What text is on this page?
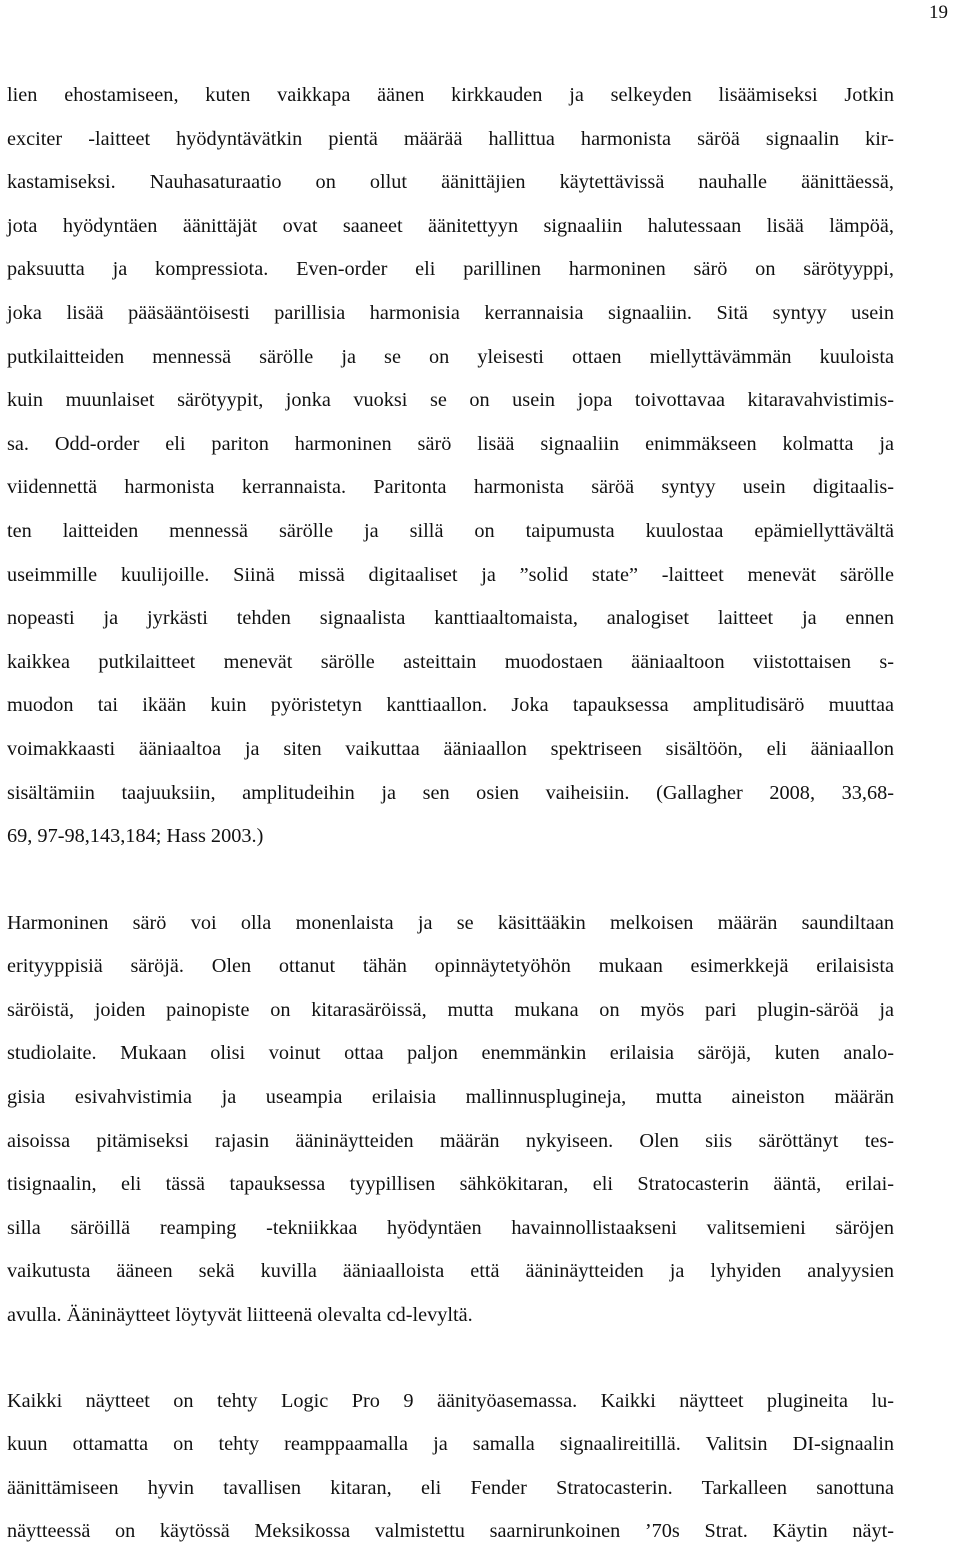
19

lien ehostamiseen, kuten vaikkapa äänen kirkkauden ja selkeyden lisäämiseksi Jotkin
exciter -laitteet hyödyntävätkin pientä määrää hallittua harmonista säröä signaalin kir-
kastamiseksi. Nauhasaturaatio on ollut äänittäjien käytettävissä nauhalle äänittäessä,
jota hyödyntäen äänittäjät ovat saaneet äänitettyyn signaaliin halutessaan lisää lämpöä,
paksuutta ja kompressiota. Even-order eli parillinen harmoninen särö on särötyyppi,
joka lisää pääsääntöisesti parillisia harmonisia kerrannaisia signaaliin. Sitä syntyy usein
putkilaitteiden mennessä särölle ja se on yleisesti ottaen miellyttävämmän kuuloista
kuin muunlaiset särötyypit, jonka vuoksi se on usein jopa toivottavaa kitaravahvistimis-
sa. Odd-order eli pariton harmoninen särö lisää signaaliin enimmäkseen kolmatta ja
viidennettä harmonista kerrannaista. Paritonta harmonista säröä syntyy usein digitaalis-
ten laitteiden mennessä särölle ja sillä on taipumusta kuulostaa epämiellyttävältä
useimmille kuulijoille. Siinä missä digitaaliset ja ”solid state” -laitteet menevät särölle
nopeasti ja jyrkästi tehden signaalista kanttiaaltomaista, analogiset laitteet ja ennen
kaikkea putkilaitteet menevät särölle asteittain muodostaen ääniaaltoon viistottaisen s-
muodon tai ikään kuin pyöristetyn kanttiaallon. Joka tapauksessa amplitudisärö muuttaa
voimakkaasti ääniaaltoa ja siten vaikuttaa ääniaallon spektriseen sisältöön, eli ääniaallon
sisältämiin taajuuksiin, amplitudeihin ja sen osien vaiheisiin. (Gallagher 2008, 33,68-
69, 97-98,143,184; Hass 2003.)

Harmoninen särö voi olla monenlaista ja se käsittääkin melkoisen määrän saundiltaan
erityyppisiä säröjä. Olen ottanut tähän opinnäytetyöhön mukaan esimerkkejä erilaisista
säröistä, joiden painopiste on kitarasäröissä, mutta mukana on myös pari plugin-säröä ja
studiolaite. Mukaan olisi voinut ottaa paljon enemmänkin erilaisia säröjä, kuten analo-
gisia esivahvistimia ja useampia erilaisia mallinnusplugineja, mutta aineiston määrän
aisoissa pitämiseksi rajasin ääninäytteiden määrän nykyiseen. Olen siis säröttänyt tes-
tisignaalin, eli tässä tapauksessa tyypillisen sähkökitaran, eli Stratocasterin ääntä, erilai-
silla säröillä reamping -tekniikkaa hyödyntäen havainnollistaakseni valitsemieni säröjen
vaikutusta ääneen sekä kuvilla ääniaalloista että ääninäytteiden ja lyhyiden analyysien
avulla. Ääninäytteet löytyvät liitteenä olevalta cd-levyltä.

Kaikki näytteet on tehty Logic Pro 9 äänityöasemassa. Kaikki näytteet plugineita lu-
kuun ottamatta on tehty reamppaamalla ja samalla signaalireitillä. Valitsin DI-signaalin
äänittämiseen hyvin tavallisen kitaran, eli Fender Stratocasterin. Tarkalleen sanottuna
näytteessä on käytössä Meksikossa valmistettu saarnirunkoinen ’70s Strat. Käytin näyt-
